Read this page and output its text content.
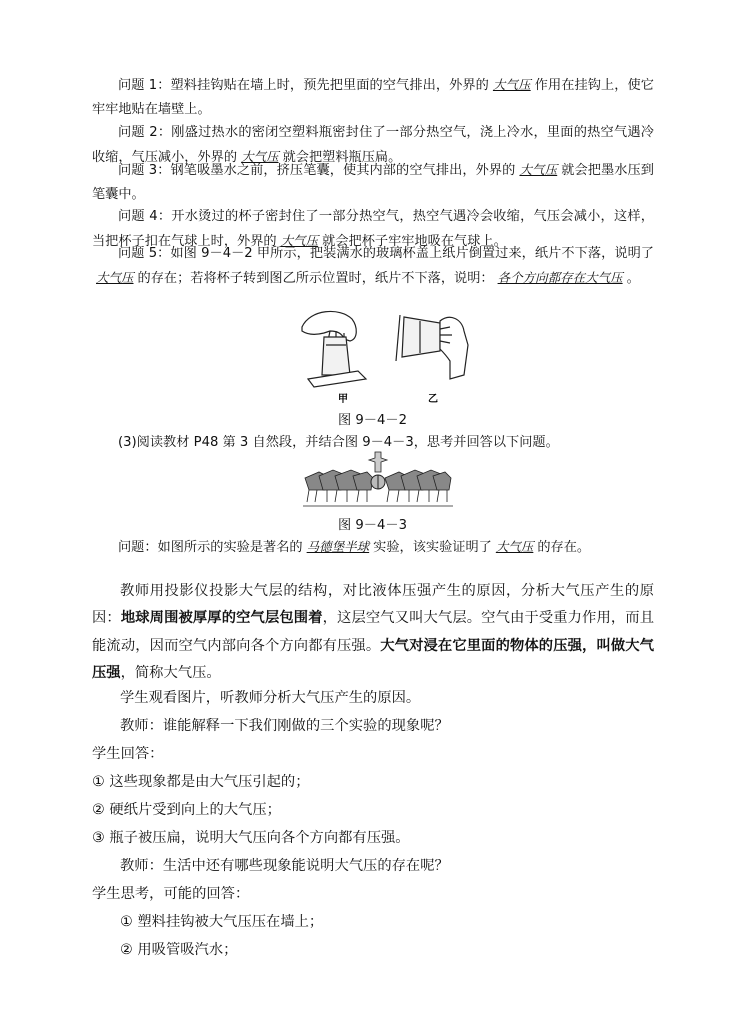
问题 1：塑料挂钩贴在墙上时，预先把里面的空气排出，外界的 大气压 作用在挂钩上，使它牢牢地贴在墙壁上。

问题 2：刚盛过热水的密闭空塑料瓶密封住了一部分热空气，浇上冷水，里面的热空气遇冷收缩，气压减小，外界的 大气压 就会把塑料瓶压扁。

问题 3：钢笔吸墨水之前，挤压笔囊，使其内部的空气排出，外界的 大气压 就会把墨水压到笔囊中。

问题 4：开水烫过的杯子密封住了一部分热空气，热空气遇冷会收缩，气压会减小，这样，当把杯子扣在气球上时，外界的 大气压 就会把杯子牢牢地吸在气球上。

问题 5：如图 9－4－2 甲所示，把装满水的玻璃杯盖上纸片倒置过来，纸片不下落，说明了大气压 的存在；若将杯子转到图乙所示位置时，纸片不下落，说明： 各个方向都存在大气压 。

甲	乙
图 9－4－2

(3)阅读教材 P48 第 3 自然段，并结合图 9－4－3，思考并回答以下问题。

图 9－4－3

问题：如图所示的实验是著名的 马德堡半球 实验，该实验证明了 大气压 的存在。

教师用投影仪投影大气层的结构，对比液体压强产生的原因，分析大气压产生的原因：地球周围被厚厚的空气层包围着，这层空气又叫大气层。空气由于受重力作用，而且能流动，因而空气内部向各个方向都有压强。大气对浸在它里面的物体的压强，叫做大气压强，简称大气压。

学生观看图片，听教师分析大气压产生的原因。

教师：谁能解释一下我们刚做的三个实验的现象呢？

学生回答：

① 这些现象都是由大气压引起的；

② 硬纸片受到向上的大气压；

③ 瓶子被压扁，说明大气压向各个方向都有压强。

教师：生活中还有哪些现象能说明大气压的存在呢？

学生思考，可能的回答：

① 塑料挂钩被大气压压在墙上；

② 用吸管吸汽水；
